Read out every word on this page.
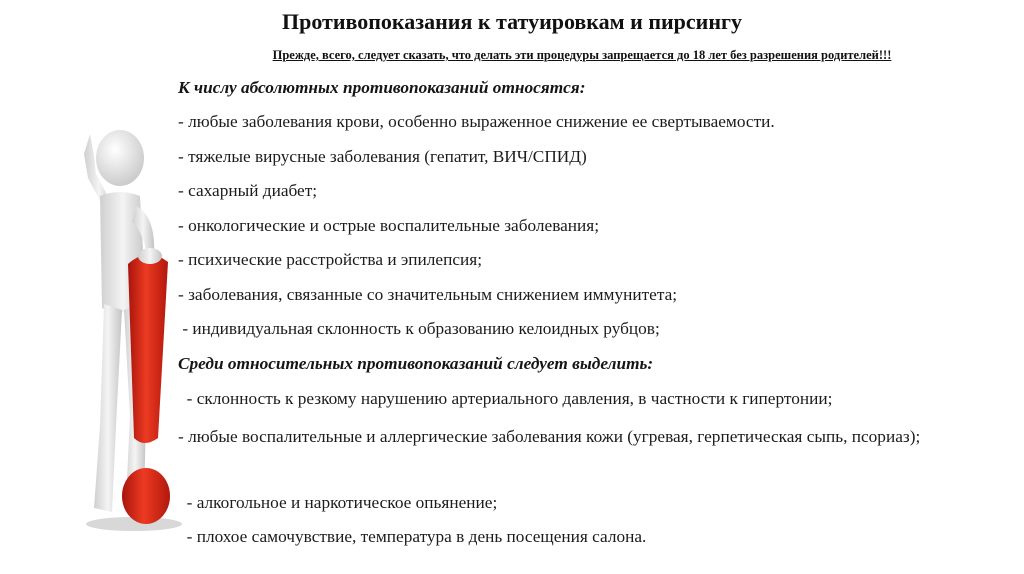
Противопоказания к татуировкам и пирсингу
Прежде, всего, следует сказать, что делать эти процедуры запрещается до 18 лет без разрешения родителей!!!
К числу абсолютных противопоказаний относятся:
- любые заболевания крови, особенно выраженное снижение ее свертываемости.
- тяжелые вирусные заболевания (гепатит, ВИЧ/СПИД)
- сахарный диабет;
- онкологические и острые воспалительные заболевания;
- психические расстройства и эпилепсия;
- заболевания, связанные со значительным снижением иммунитета;
- индивидуальная склонность к образованию келоидных рубцов;
Среди относительных противопоказаний следует выделить:
- склонность к резкому нарушению артериального давления, в частности к гипертонии;
- любые воспалительные и аллергические заболевания кожи (угревая, герпетическая сыпь, псориаз);
- алкогольное и наркотическое опьянение;
- плохое самочувствие, температура в день посещения салона.
